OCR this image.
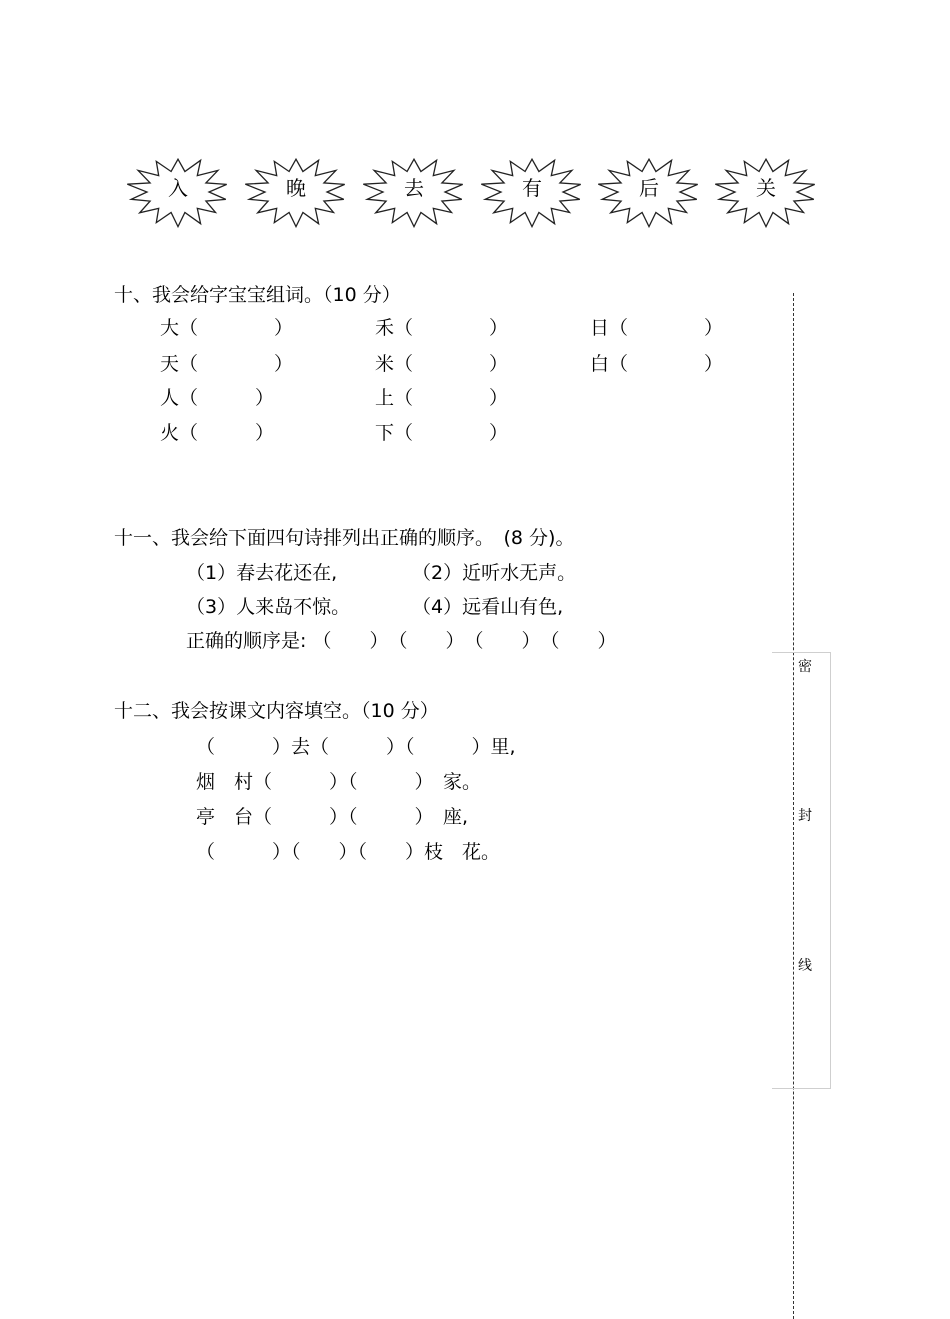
入	晚	去	有	后	关
十、我会给字宝宝组词。（10 分）
大（　　　　）	禾（　　　　）	日（　　　　）
天（　　　　）	米（　　　　）	白（　　　　）
人（　　　）	上（　　　　）
火（　　　）	下（　　　　）
十一、我会给下面四句诗排列出正确的顺序。　(8 分)。
（1）春去花还在,	（2）近听水无声。
（3）人来岛不惊。	（4）远看山有色,
正确的顺序是: （　　）　（　　）　（　　）　（　　）
十二、我会按课文内容填空。（10 分）
（　　　）去（　　　）（　　　）里,
烟　村（　　　）（　　　）　家。
亭　台（　　　）（　　　）　座,
（　　　）（　　）（　　）枝　花。
密
封
线
